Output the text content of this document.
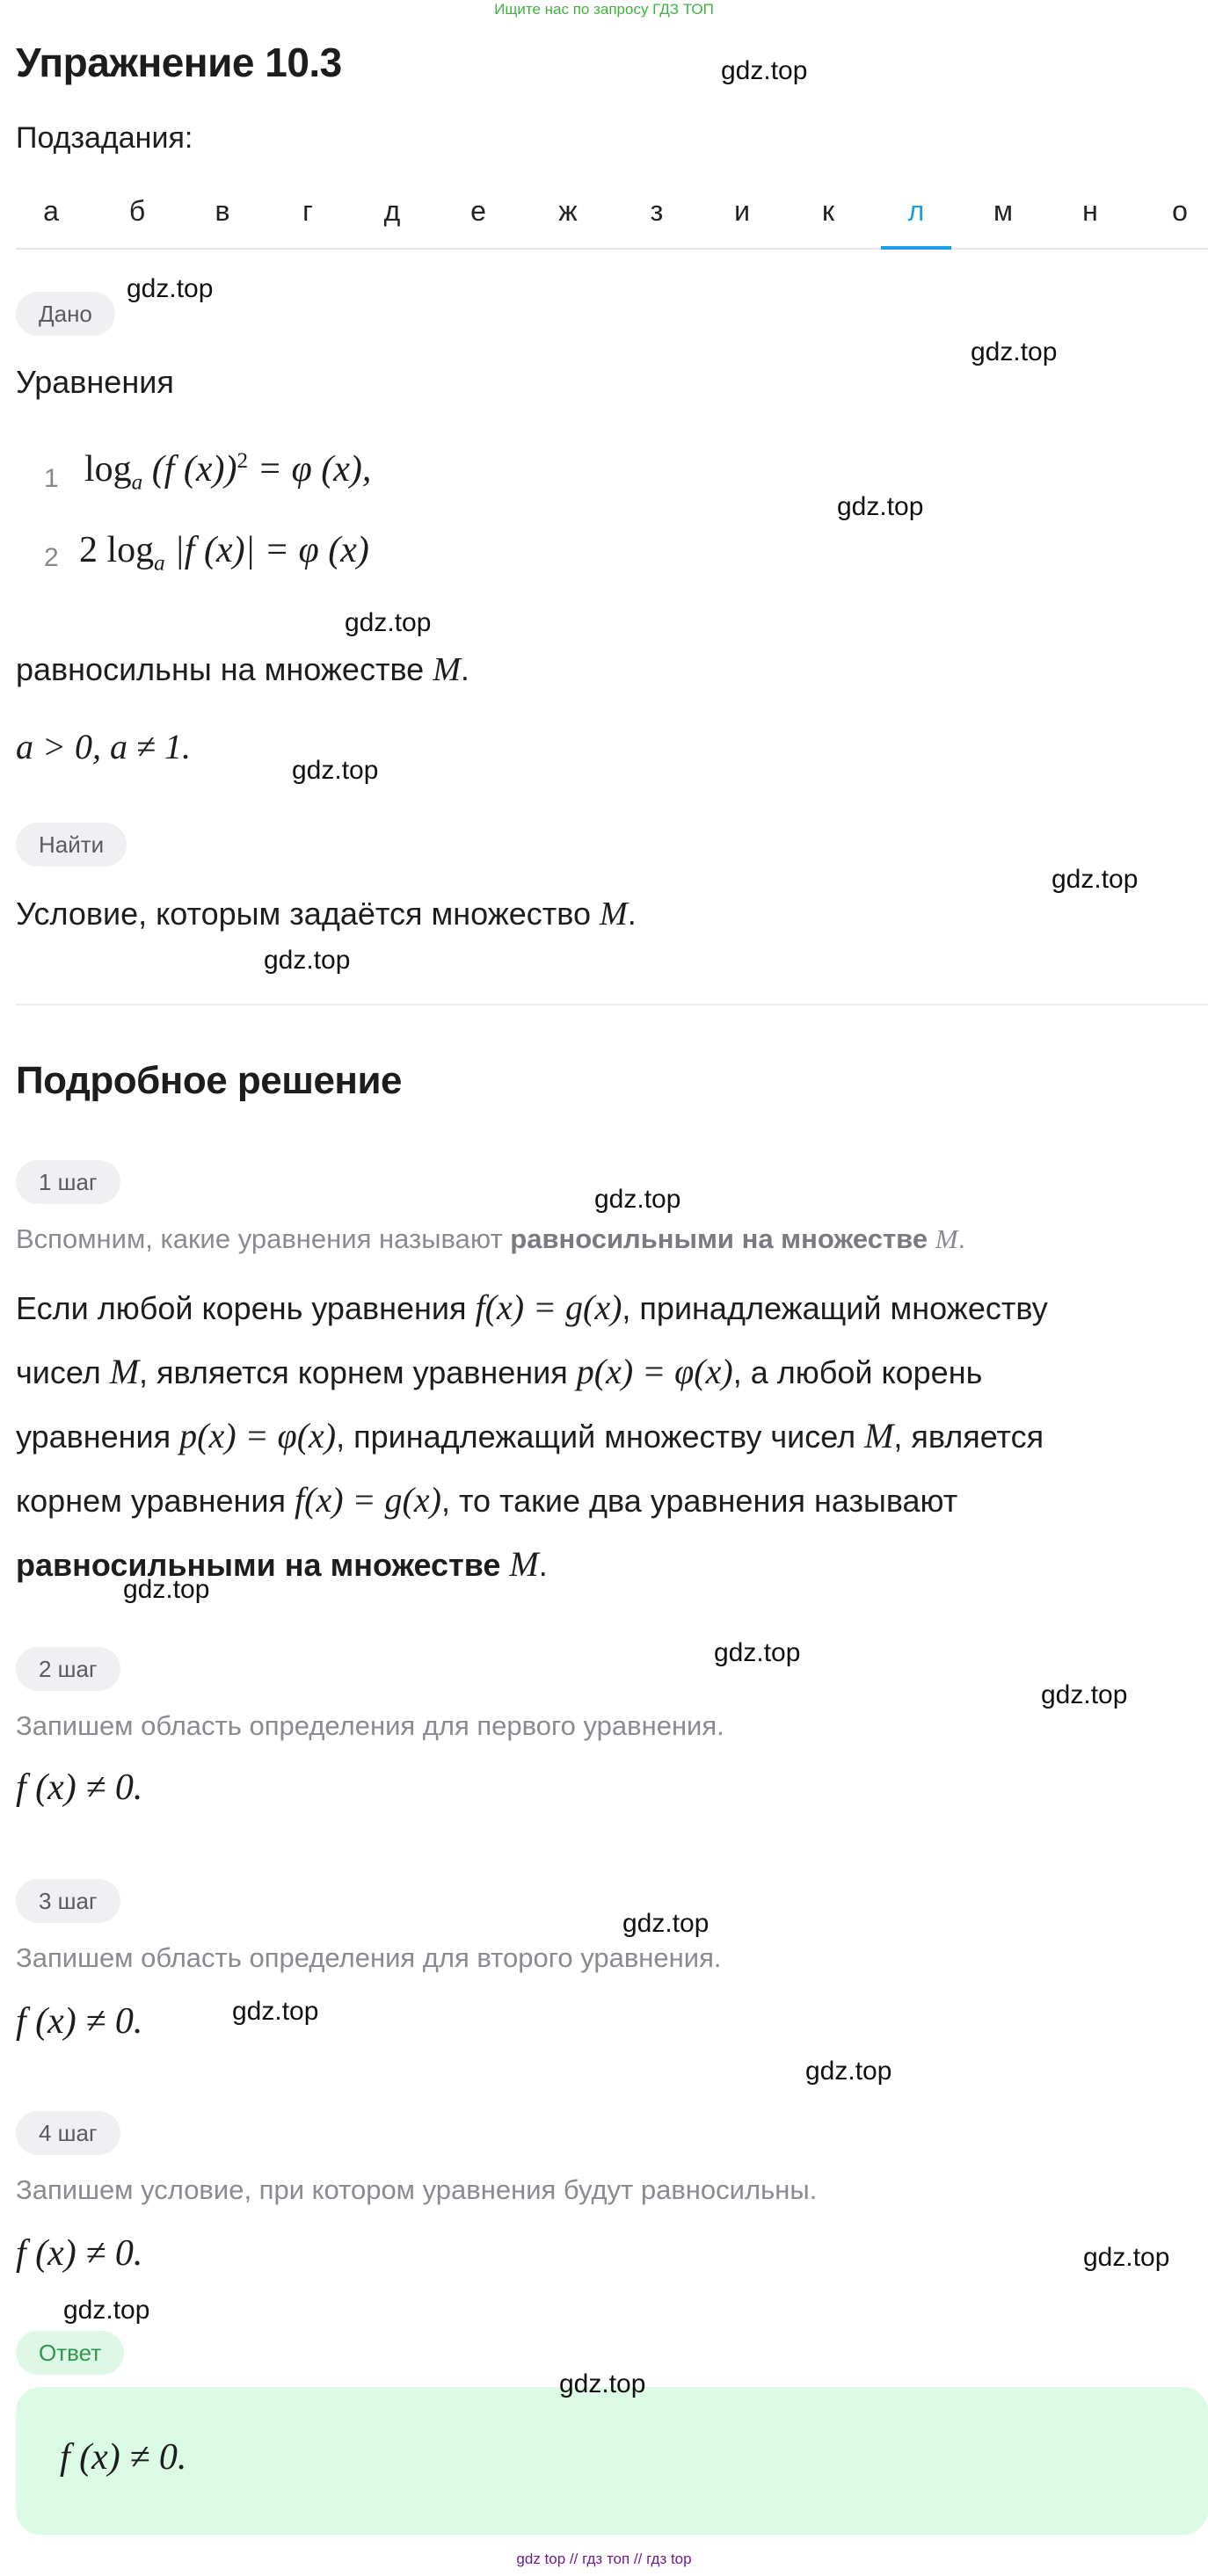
Ищите нас по запросу ГДЗ ТОП
Упражнение 10.3
Подзадания:
а	б	в	г	д	е	ж	з	и	к	л	м	н	о
Дано
Уравнения
1 $\log_a (f$ (x))$^2$ = φ (x),
2 2 $\log_a |f$ (x)| = φ (x)
равносильны на множестве M.
a > 0, a ≠ 1.
Найти
Условие, которым задаётся множество M.
Подробное решение
1 шаг
Вспомним, какие уравнения называют равносильными на множестве M.
Если любой корень уравнения f(x) = g(x), принадлежащий множеству
чисел M, является корнем уравнения p(x) = φ(x), а любой корень
уравнения p(x) = φ(x), принадлежащий множеству чисел M, является
корнем уравнения f(x) = g(x), то такие два уравнения называют
равносильными на множестве M.
2 шаг
Запишем область определения для первого уравнения.
f (x) ≠ 0.
3 шаг
Запишем область определения для второго уравнения.
f (x) ≠ 0.
4 шаг
Запишем условие, при котором уравнения будут равносильны.
f (x) ≠ 0.
Ответ
f (x) ≠ 0.
gdz.top
gdz.top
gdz.top
gdz.top
gdz.top
gdz.top
gdz.top
gdz.top
gdz.top
gdz.top
gdz.top
gdz.top
gdz.top
gdz.top
gdz.top
gdz.top
gdz.top
gdz.top
gdz top // гдз топ // гдз top
